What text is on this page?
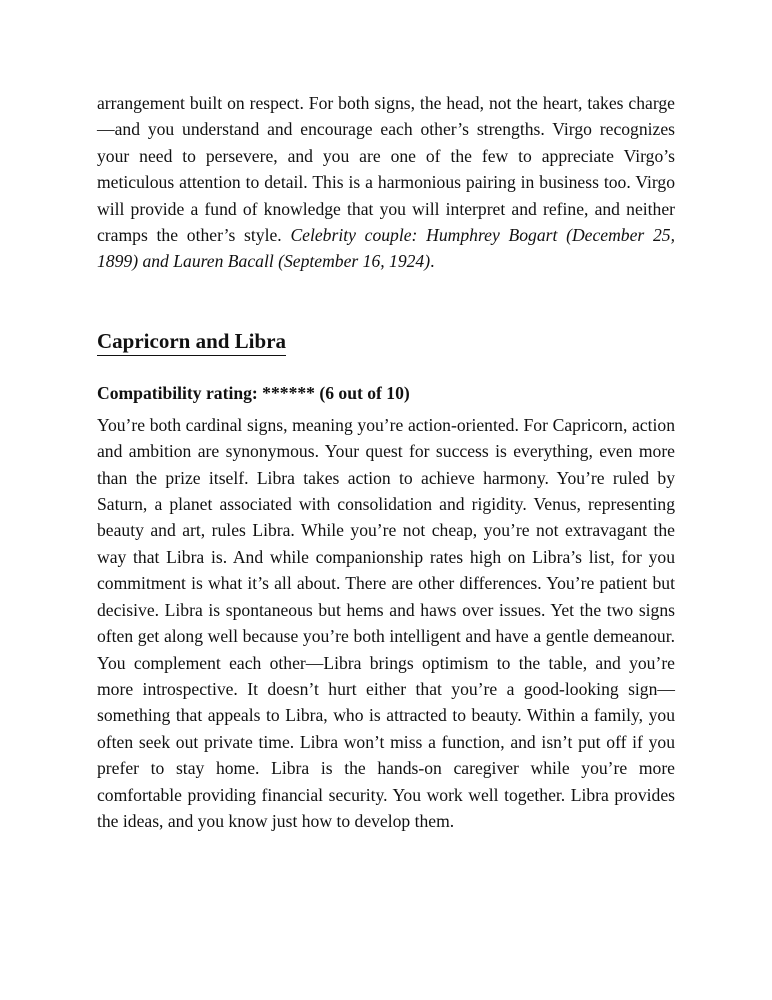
arrangement built on respect. For both signs, the head, not the heart, takes charge—and you understand and encourage each other’s strengths. Virgo recognizes your need to persevere, and you are one of the few to appreciate Virgo’s meticulous attention to detail. This is a harmonious pairing in business too. Virgo will provide a fund of knowledge that you will interpret and refine, and neither cramps the other’s style. Celebrity couple: Humphrey Bogart (December 25, 1899) and Lauren Bacall (September 16, 1924).

Capricorn and Libra

Compatibility rating: ****** (6 out of 10)

You’re both cardinal signs, meaning you’re action-oriented. For Capricorn, action and ambition are synonymous. Your quest for success is everything, even more than the prize itself. Libra takes action to achieve harmony. You’re ruled by Saturn, a planet associated with consolidation and rigidity. Venus, representing beauty and art, rules Libra. While you’re not cheap, you’re not extravagant the way that Libra is. And while companionship rates high on Libra’s list, for you commitment is what it’s all about. There are other differences. You’re patient but decisive. Libra is spontaneous but hems and haws over issues. Yet the two signs often get along well because you’re both intelligent and have a gentle demeanour. You complement each other—Libra brings optimism to the table, and you’re more introspective. It doesn’t hurt either that you’re a good-looking sign—something that appeals to Libra, who is attracted to beauty. Within a family, you often seek out private time. Libra won’t miss a function, and isn’t put off if you prefer to stay home. Libra is the hands-on caregiver while you’re more comfortable providing financial security. You work well together. Libra provides the ideas, and you know just how to develop them.
